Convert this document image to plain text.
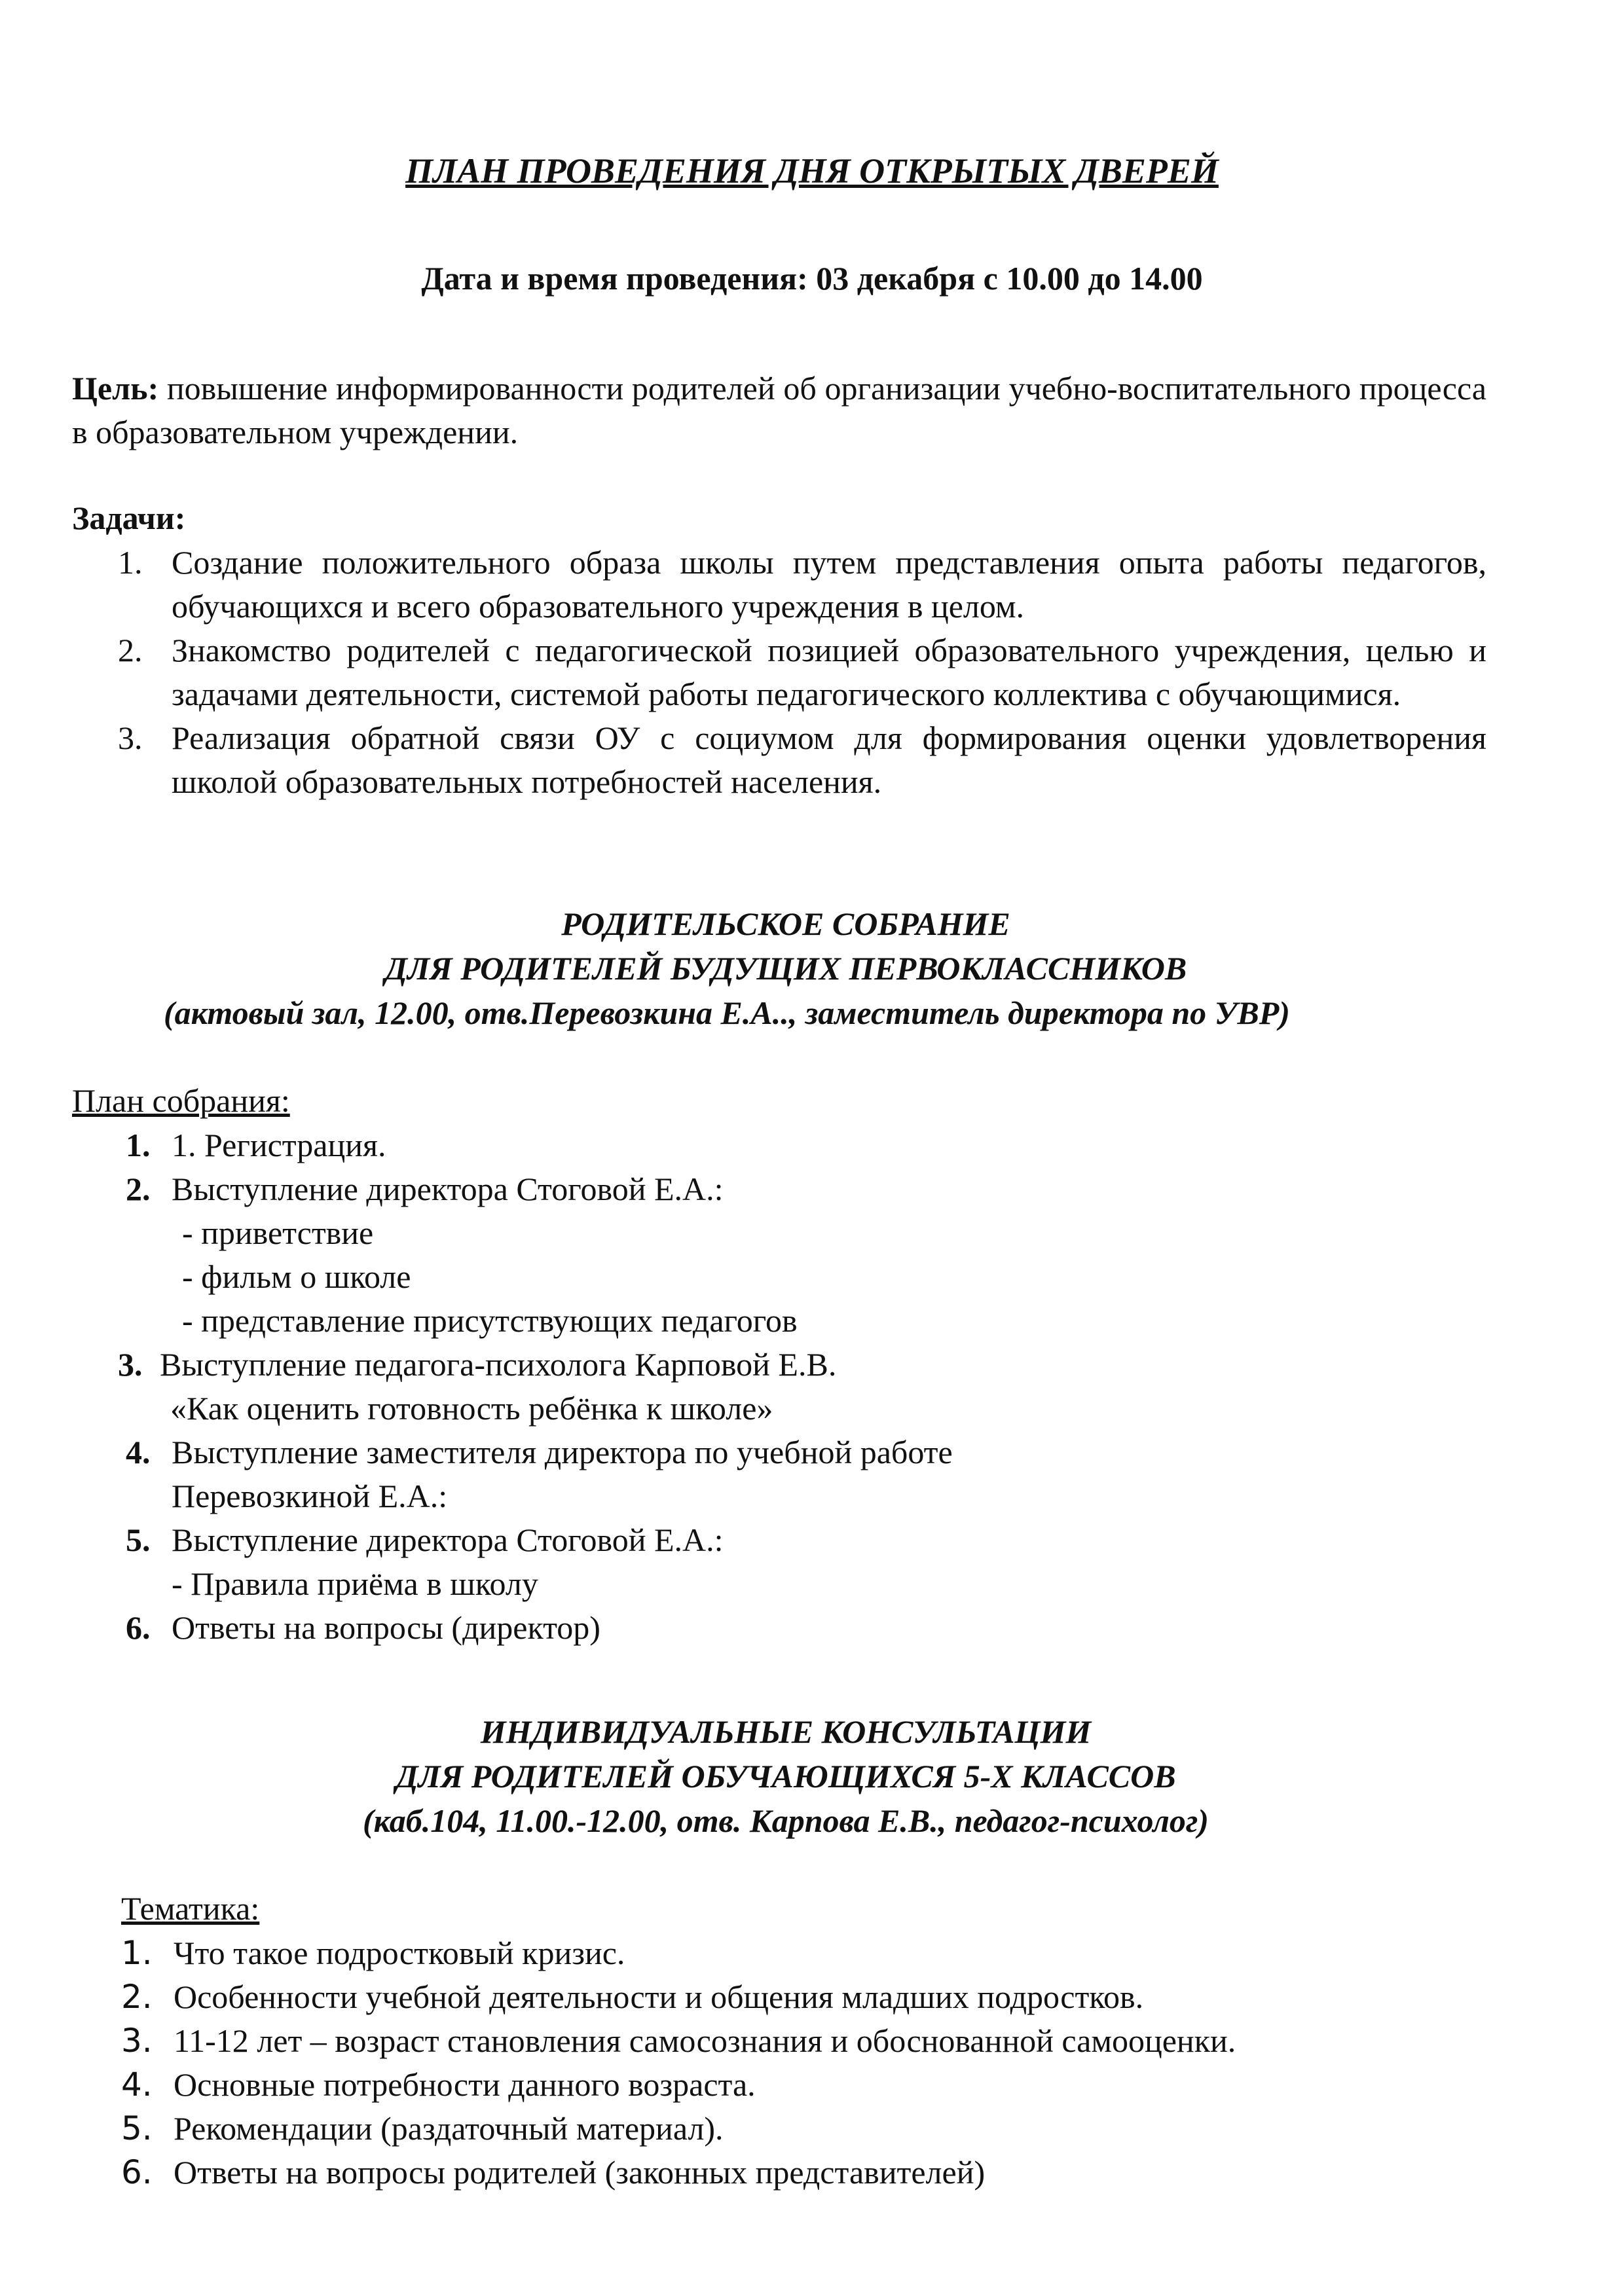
ПЛАН ПРОВЕДЕНИЯ ДНЯ ОТКРЫТЫХ ДВЕРЕЙ
Дата и время проведения: 03 декабря с 10.00 до 14.00
Цель: повышение информированности родителей об организации учебно-воспитательного процесса в образовательном учреждении.
Задачи:
1. Создание положительного образа школы путем представления опыта работы педагогов, обучающихся и всего образовательного учреждения в целом.
2. Знакомство родителей с педагогической позицией образовательного учреждения, целью и задачами деятельности, системой работы педагогического коллектива с обучающимися.
3. Реализация обратной связи ОУ с социумом для формирования оценки удовлетворения школой образовательных потребностей населения.
РОДИТЕЛЬСКОЕ СОБРАНИЕ
ДЛЯ РОДИТЕЛЕЙ БУДУЩИХ ПЕРВОКЛАССНИКОВ
(актовый зал, 12.00, отв.Перевозкина Е.А.., заместитель директора по УВР)
План собрания:
1. 1. Регистрация.
2. Выступление директора Стоговой Е.А.:
- приветствие
- фильм о школе
- представление присутствующих педагогов
3. Выступление педагога-психолога Карповой Е.В.
«Как оценить готовность ребёнка к школе»
4. Выступление заместителя директора по учебной работе
Перевозкиной Е.А.:
5. Выступление директора Стоговой Е.А.:
- Правила приёма в школу
6. Ответы на вопросы (директор)
ИНДИВИДУАЛЬНЫЕ КОНСУЛЬТАЦИИ
ДЛЯ РОДИТЕЛЕЙ ОБУЧАЮЩИХСЯ 5-Х КЛАССОВ
(каб.104, 11.00.-12.00, отв. Карпова Е.В., педагог-психолог)
Тематика:
1. Что такое подростковый кризис.
2. Особенности учебной деятельности и общения младших подростков.
3. 11-12 лет – возраст становления самосознания и обоснованной самооценки.
4. Основные потребности данного возраста.
5. Рекомендации (раздаточный материал).
6. Ответы на вопросы родителей (законных представителей)
